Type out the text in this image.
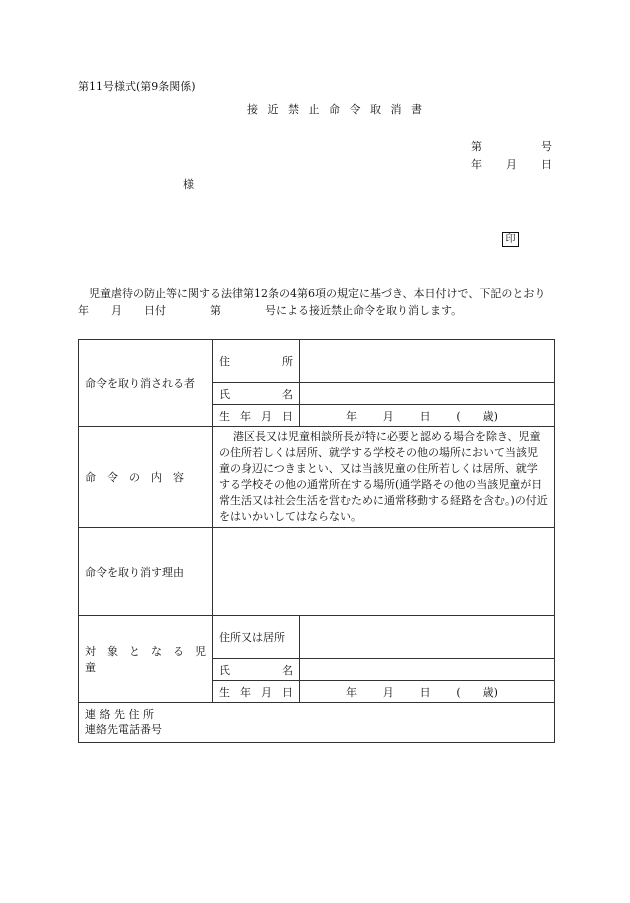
第11号様式(第9条関係)
接 近 禁 止 命 令 取 消 書
第	号
年 月 日
様
印
児童虐待の防止等に関する法律第12条の4第6項の規定に基づき、本日付けで、下記のとおり　　　年　　月　　日付　　　　第　　　　号による接近禁止命令を取り消します。
命令を取り消される者	住　　所	
	氏　　名	
	生 年 月 日	年 月 日 (　　歳)

命　令　の　内　容	港区長又は児童相談所長が特に必要と認める場合を除き、児童の住所若しくは居所、就学する学校その他の場所において当該児童の身辺につきまとい、又は当該児童の住所若しくは居所、就学する学校その他の通常所在する場所(通学路その他の当該児童が日常生活又は社会生活を営むために通常移動する経路を含む。)の付近をはいかいしてはならない。	
命令を取り消す理由		
対　象　と　な　る　児　童	住所又は居所	
	氏　　名	
	生 年 月 日	年 月 日 (　　歳)

連 絡 先 住 所
連絡先電話番号		
